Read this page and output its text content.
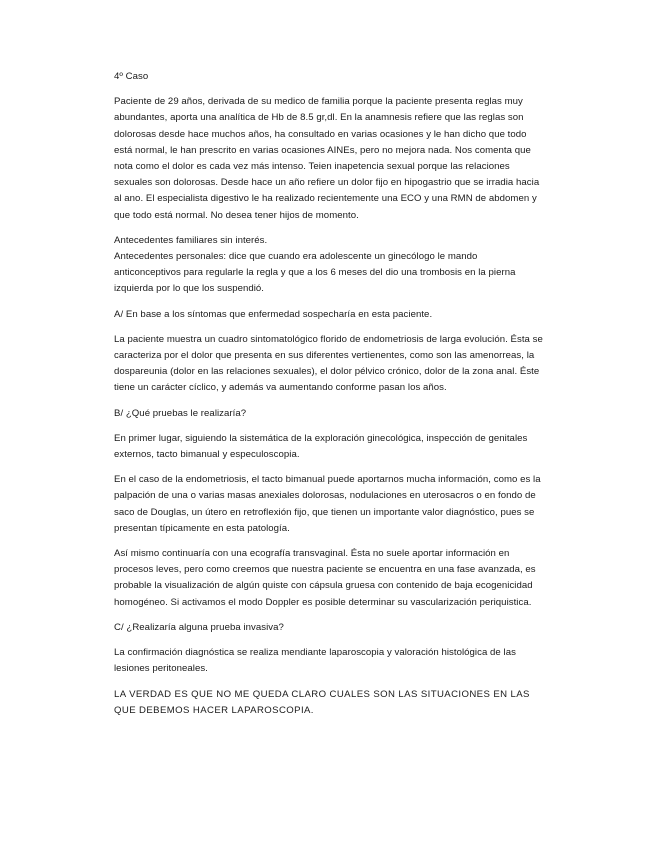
4º Caso

Paciente de 29 años, derivada de su medico de familia porque la paciente presenta reglas muy abundantes, aporta una analítica de Hb de 8.5 gr,dl. En la anamnesis refiere que las reglas son dolorosas desde hace muchos años, ha consultado en varias ocasiones y le han dicho que todo está normal, le han prescrito en varias ocasiones AINEs, pero no mejora nada. Nos comenta que nota como el dolor es cada vez más intenso. Teien inapetencia sexual porque las relaciones sexuales son dolorosas. Desde hace un año refiere un dolor fijo en hipogastrio que se irradia hacia al ano. El especialista digestivo le ha realizado recientemente una ECO y una RMN de abdomen y que todo está normal. No desea tener hijos de momento.

Antecedentes familiares sin interés.

Antecedentes personales: dice que cuando era adolescente un ginecólogo le mando anticonceptivos para regularle la regla y que a los 6 meses del dio una trombosis en la pierna izquierda por lo que los suspendió.

A/ En base a los síntomas que enfermedad sospecharía en esta paciente.

La paciente muestra un cuadro sintomatológico florido de endometriosis de larga evolución. Ésta se caracteriza por el dolor que presenta en sus diferentes vertienentes, como son las amenorreas, la dospareunia (dolor en las relaciones sexuales), el dolor pélvico crónico, dolor de la zona anal. Éste tiene un carácter cíclico, y además va aumentando conforme pasan los años.

B/ ¿Qué pruebas le realizaría?

En primer lugar, siguiendo la sistemática de la exploración ginecológica, inspección de genitales externos, tacto bimanual y especuloscopia.

En el caso de la endometriosis, el tacto bimanual puede aportarnos mucha información, como es la palpación de una o varias masas anexiales dolorosas, nodulaciones en uterosacros o en fondo de saco de Douglas, un útero en retroflexión fijo, que tienen un importante valor diagnóstico, pues se presentan típicamente en esta patología.

Así mismo continuaría con una ecografía transvaginal. Ésta no suele aportar información en procesos leves, pero como creemos que nuestra paciente se encuentra en una fase avanzada, es probable la visualización de algún quiste con cápsula gruesa con contenido de baja ecogenicidad homogéneo. Si activamos el modo Doppler es posible determinar su vascularización periquistica.

C/ ¿Realizaría alguna prueba invasiva?

La confirmación diagnóstica se realiza mendiante laparoscopia y valoración histológica de las lesiones peritoneales.

LA VERDAD ES QUE NO ME QUEDA CLARO CUALES SON LAS SITUACIONES EN LAS QUE DEBEMOS HACER LAPAROSCOPIA.
